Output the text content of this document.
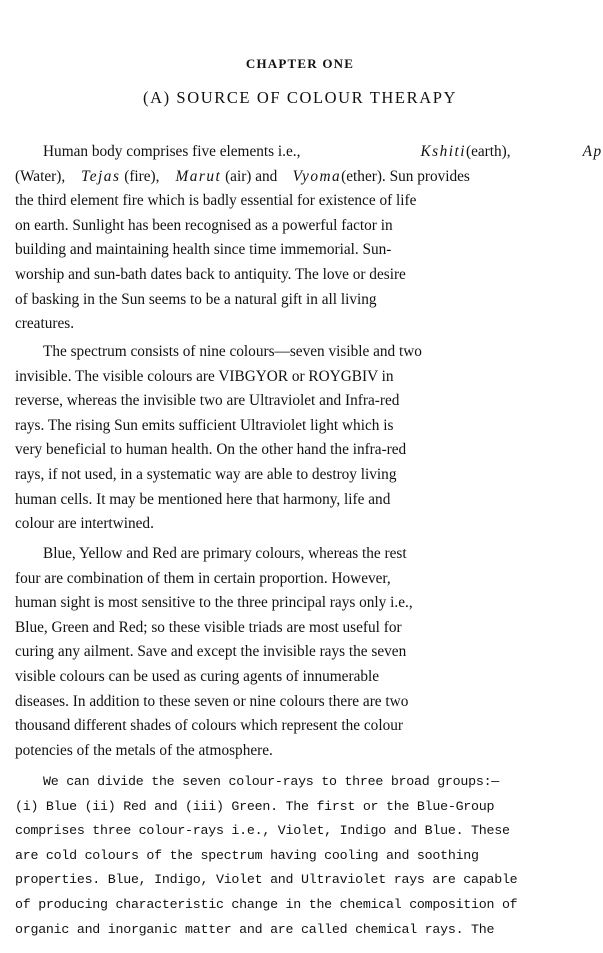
CHAPTER ONE
(A) SOURCE OF COLOUR THERAPY
Human body comprises five elements i.e.,	Kshiti(earth),	Ap
(Water), Tejas (fire), Marut (air) and Vyoma(ether). Sun provides
the third element fire which is badly essential for existence of life
on earth. Sunlight has been recognised as a powerful factor in
building and maintaining health since time immemorial. Sun-
worship and sun-bath dates back to antiquity. The love or desire
of basking in the Sun seems to be a natural gift in all living
creatures.
The spectrum consists of nine colours—seven visible and two
invisible. The visible colours are VIBGYOR or ROYGBIV in
reverse, whereas the invisible two are Ultraviolet and Infra-red
rays. The rising Sun emits sufficient Ultraviolet light which is
very beneficial to human health. On the other hand the infra-red
rays, if not used, in a systematic way are able to destroy living
human cells. It may be mentioned here that harmony, life and
colour are intertwined.
Blue, Yellow and Red are primary colours, whereas the rest
four are combination of them in certain proportion. However,
human sight is most sensitive to the three principal rays only i.e.,
Blue, Green and Red; so these visible triads are most useful for
curing any ailment. Save and except the invisible rays the seven
visible colours can be used as curing agents of innumerable
diseases. In addition to these seven or nine colours there are two
thousand different shades of colours which represent the colour
potencies of the metals of the atmosphere.
We can divide the seven colour-rays to three broad groups:—
(i) Blue (ii) Red and (iii) Green. The first or the Blue-Group
comprises three colour-rays i.e., Violet, Indigo and Blue. These
are cold colours of the spectrum having cooling and soothing
properties. Blue, Indigo, Violet and Ultraviolet rays are capable
of producing characteristic change in the chemical composition of
organic and inorganic matter and are called chemical rays. The
